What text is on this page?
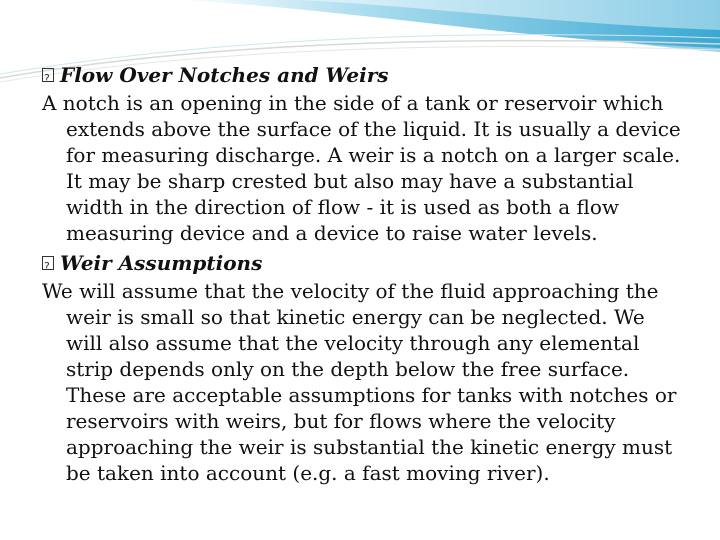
?
Flow Over Notches and Weirs

A notch is an opening in the side of a tank or reservoir which extends above the surface of the liquid. It is usually a device for measuring discharge. A weir is a notch on a larger scale. It may be sharp crested but also may have a substantial width in the direction of flow - it is used as both a flow measuring device and a device to raise water levels.

?
Weir Assumptions

We will assume that the velocity of the fluid approaching the weir is small so that kinetic energy can be neglected. We will also assume that the velocity through any elemental strip depends only on the depth below the free surface. These are acceptable assumptions for tanks with notches or reservoirs with weirs, but for flows where the velocity approaching the weir is substantial the kinetic energy must be taken into account (e.g. a fast moving river).
